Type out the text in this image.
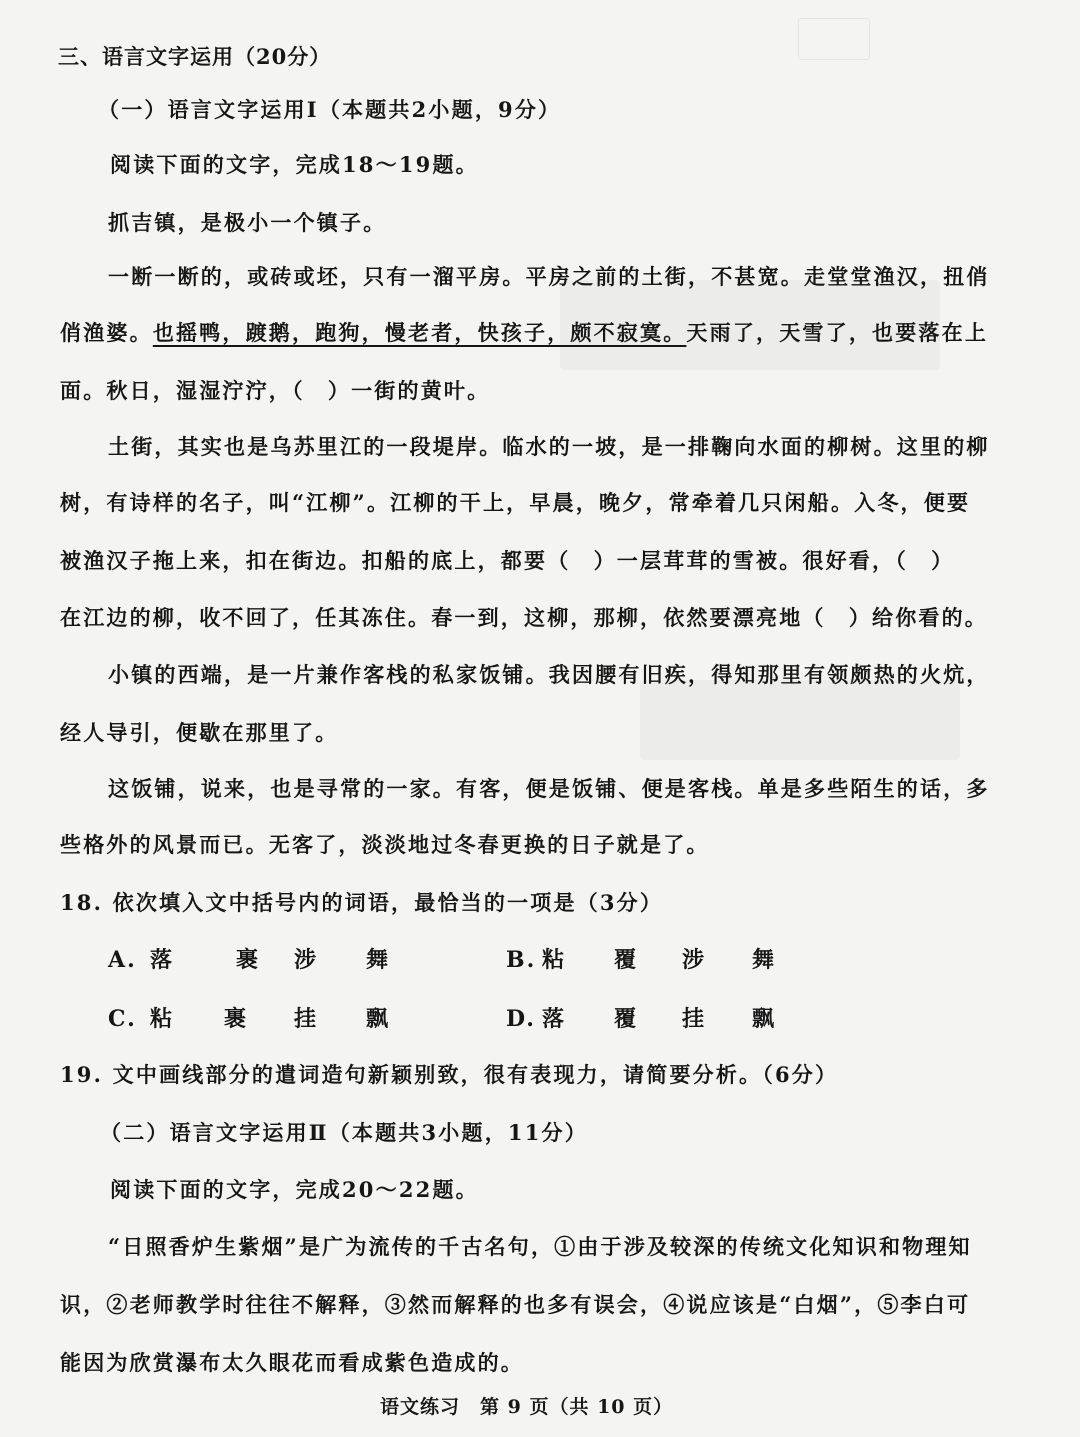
三、语言文字运用（20分）
（一）语言文字运用Ⅰ（本题共2小题，9分）
阅读下面的文字，完成18～19题。
抓吉镇，是极小一个镇子。
一断一断的，或砖或坯，只有一溜平房。平房之前的土街，不甚宽。走堂堂渔汉，扭俏
俏渔婆。也摇鸭，踱鹅，跑狗，慢老者，快孩子，颇不寂寞。天雨了，天雪了，也要落在上
面。秋日，湿湿泞泞，（　）一街的黄叶。
土街，其实也是乌苏里江的一段堤岸。临水的一坡，是一排鞠向水面的柳树。这里的柳
树，有诗样的名子，叫“江柳”。江柳的干上，早晨，晚夕，常牵着几只闲船。入冬，便要
被渔汉子拖上来，扣在街边。扣船的底上，都要（　）一层茸茸的雪被。很好看，（　）
在江边的柳，收不回了，任其冻住。春一到，这柳，那柳，依然要漂亮地（　）给你看的。
小镇的西端，是一片兼作客栈的私家饭铺。我因腰有旧疾，得知那里有领颇热的火炕，
经人导引，便歇在那里了。
这饭铺，说来，也是寻常的一家。有客，便是饭铺、便是客栈。单是多些陌生的话，多
些格外的风景而已。无客了，淡淡地过冬春更换的日子就是了。
18. 依次填入文中括号内的词语，最恰当的一项是（3分）
A. 落	裹 涉 舞	B. 粘 覆 涉 舞
C. 粘 裹 挂 飘	D. 落 覆 挂 飘
19. 文中画线部分的遣词造句新颖别致，很有表现力，请简要分析。（6分）
（二）语言文字运用Ⅱ（本题共3小题，11分）
阅读下面的文字，完成20～22题。
“日照香炉生紫烟”是广为流传的千古名句，①由于涉及较深的传统文化知识和物理知
识，②老师教学时往往不解释，③然而解释的也多有误会，④说应该是“白烟”，⑤李白可
能因为欣赏瀑布太久眼花而看成紫色造成的。
语文练习　第 9 页（共 10 页）
